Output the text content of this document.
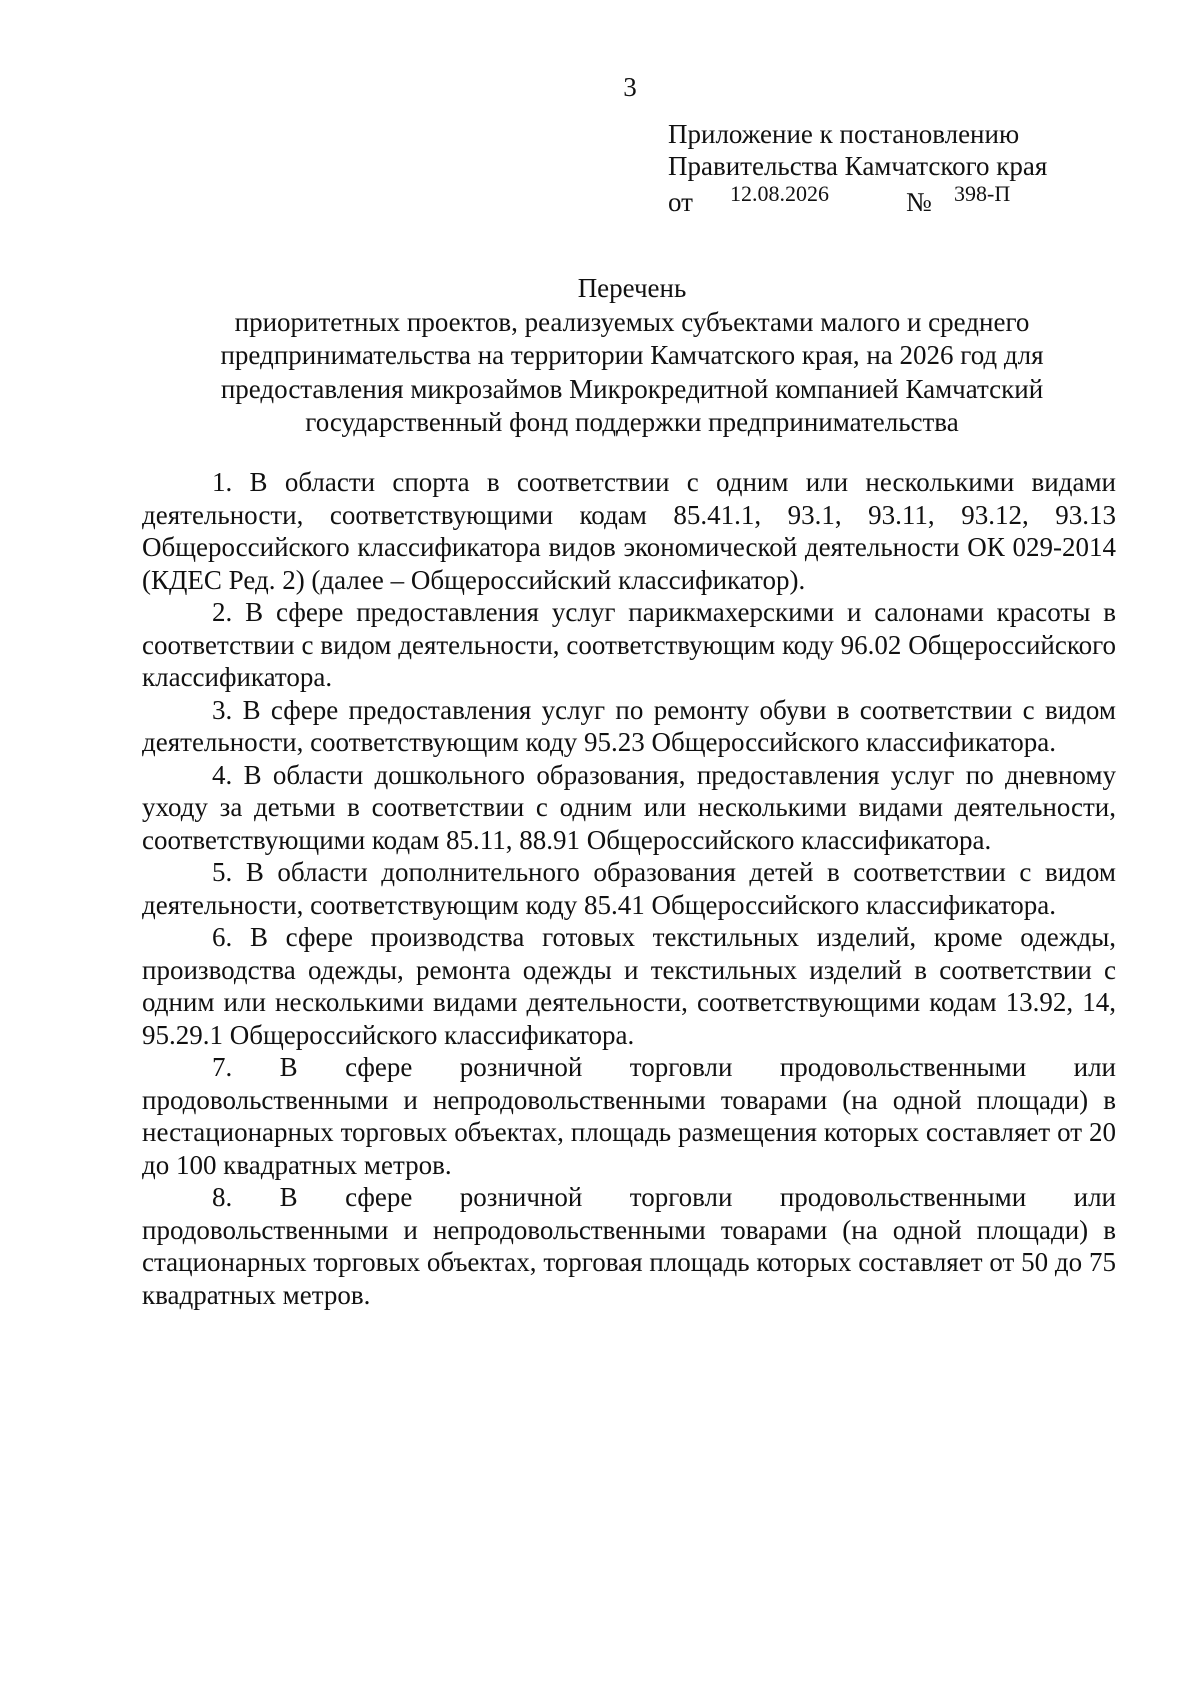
3
Приложение к постановлению
Правительства Камчатского края
от 12.08.2026	№ 398-П
Перечень
приоритетных проектов, реализуемых субъектами малого и среднего
предпринимательства на территории Камчатского края, на 2026 год для
предоставления микрозаймов Микрокредитной компанией Камчатский
государственный фонд поддержки предпринимательства

1. В области спорта в соответствии с одним или несколькими видами деятельности, соответствующими кодам 85.41.1, 93.1, 93.11, 93.12, 93.13 Общероссийского классификатора видов экономической деятельности ОК 029-2014 (КДЕС Ред. 2) (далее – Общероссийский классификатор).

2. В сфере предоставления услуг парикмахерскими и салонами красоты в соответствии с видом деятельности, соответствующим коду 96.02 Общероссийского классификатора.

3. В сфере предоставления услуг по ремонту обуви в соответствии с видом деятельности, соответствующим коду 95.23 Общероссийского классификатора.

4. В области дошкольного образования, предоставления услуг по дневному уходу за детьми в соответствии с одним или несколькими видами деятельности, соответствующими кодам 85.11, 88.91 Общероссийского классификатора.

5. В области дополнительного образования детей в соответствии с видом деятельности, соответствующим коду 85.41 Общероссийского классификатора.

6. В сфере производства готовых текстильных изделий, кроме одежды, производства одежды, ремонта одежды и текстильных изделий в соответствии с одним или несколькими видами деятельности, соответствующими кодам 13.92, 14, 95.29.1 Общероссийского классификатора.

7. В сфере розничной торговли продовольственными или продовольственными и непродовольственными товарами (на одной площади) в нестационарных торговых объектах, площадь размещения которых составляет от 20 до 100 квадратных метров.

8. В сфере розничной торговли продовольственными или продовольственными и непродовольственными товарами (на одной площади) в стационарных торговых объектах, торговая площадь которых составляет от 50 до 75 квадратных метров.
